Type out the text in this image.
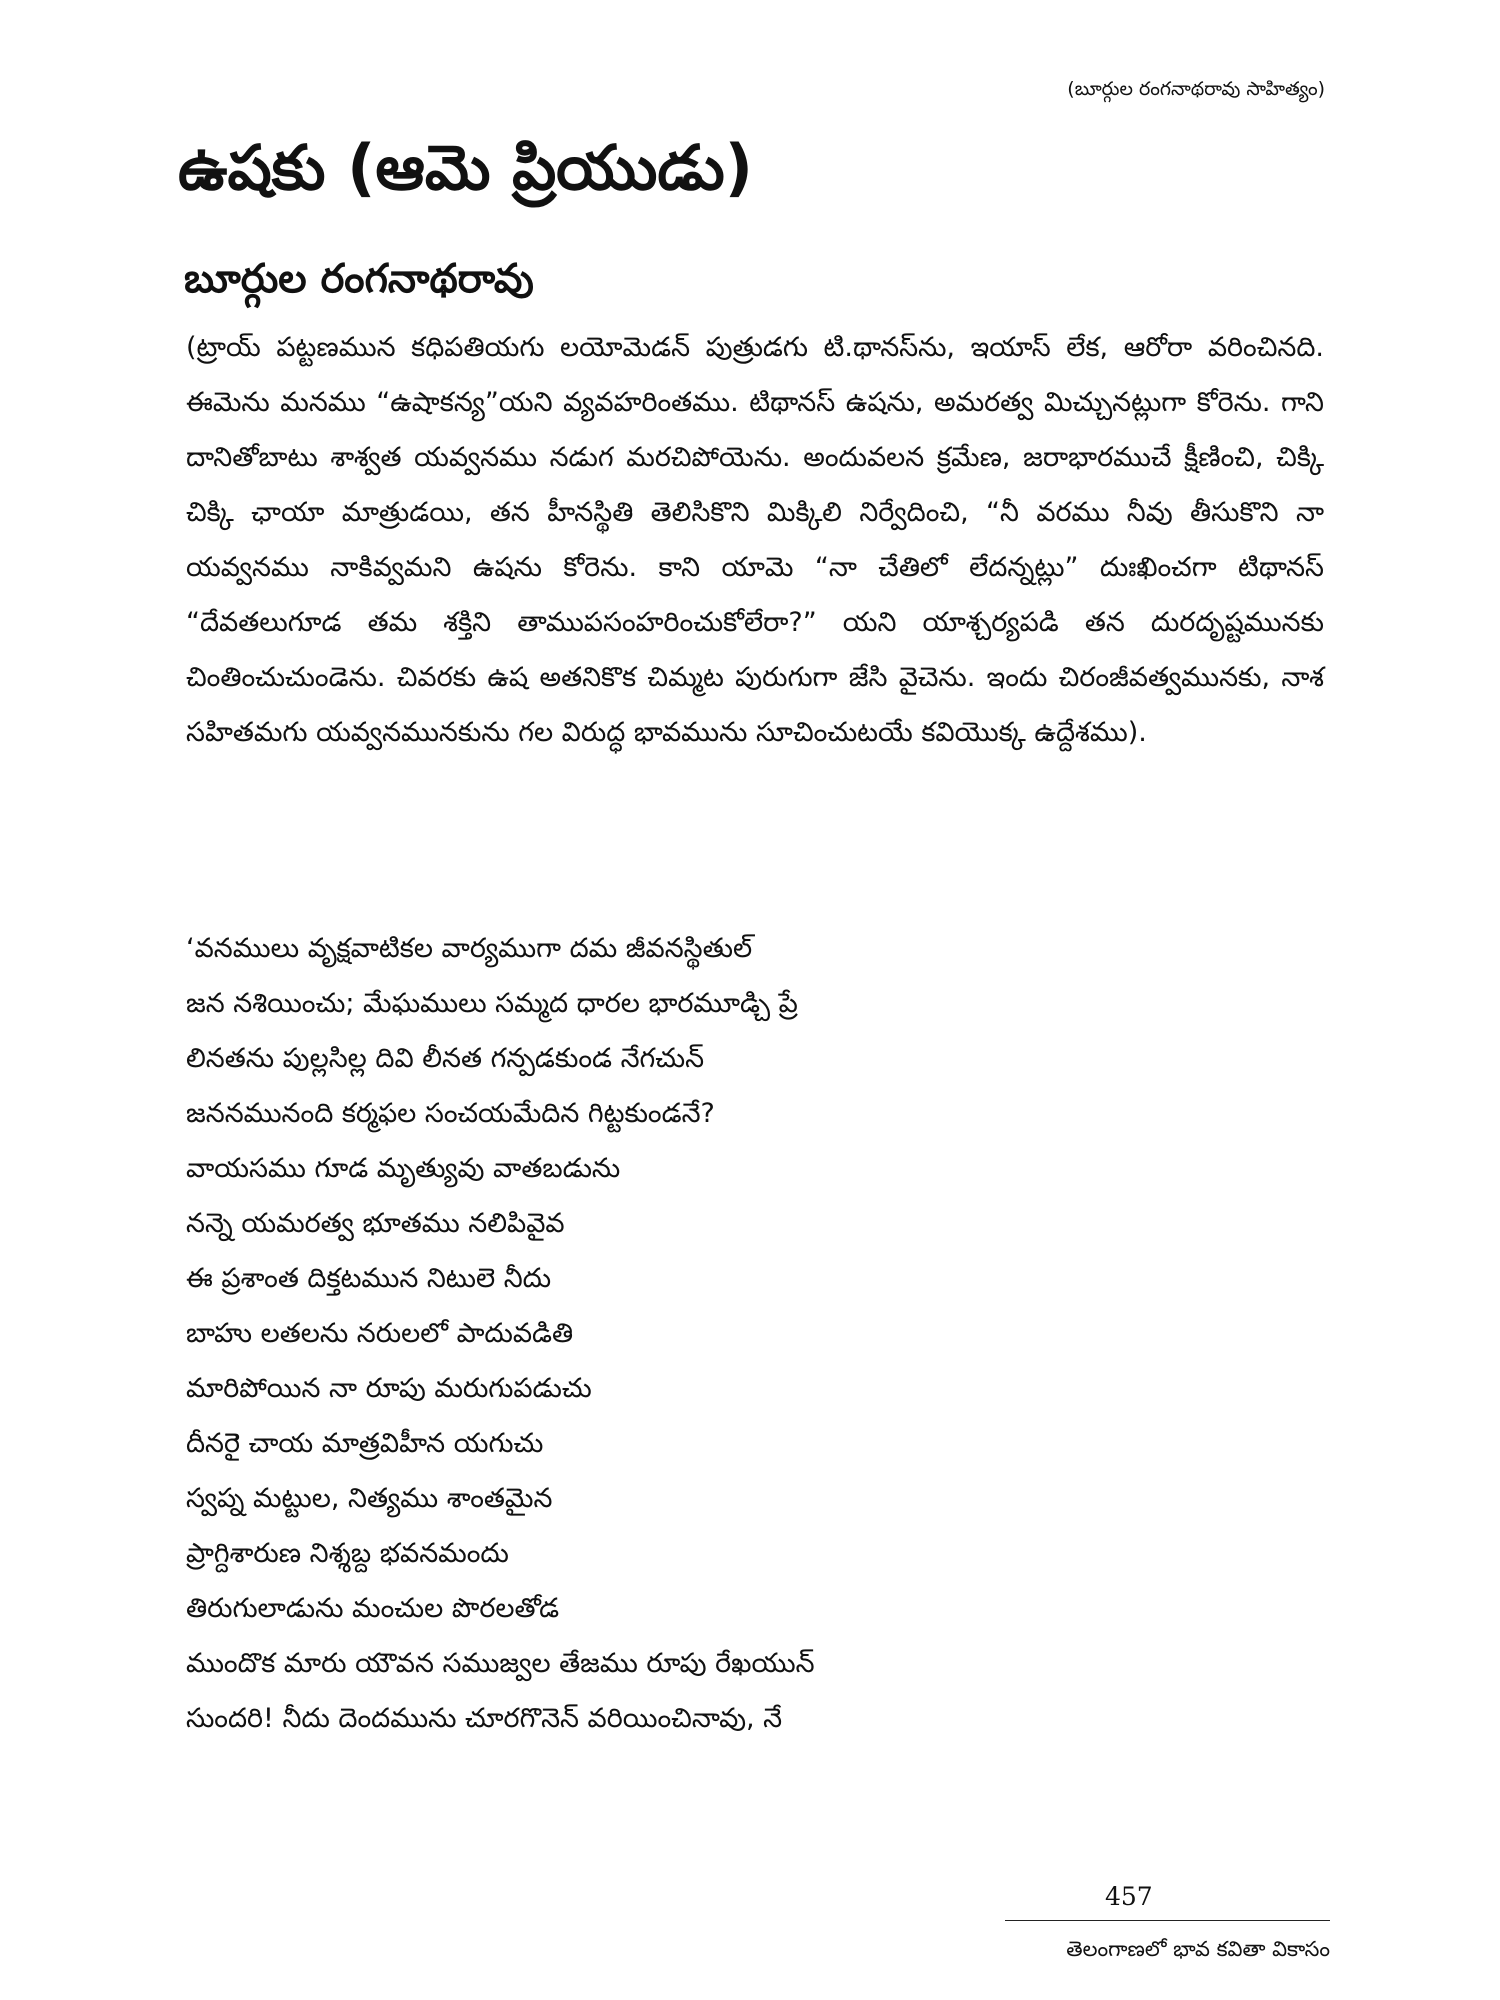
(బూర్గుల రంగనాథరావు సాహిత్యం)
ఉషకు (ఆమె ప్రియుడు)
బూర్గుల రంగనాథరావు

(ట్రాయ్ పట్టణమున కధిపతియగు లయోమెడన్ పుత్రుడగు టి.థానస్‌ను, ఇయాస్ లేక, ఆరోరా వరించినది. ఈమెను మనము “ఉషాకన్య”యని వ్యవహరింతము. టిథానస్ ఉషను, అమరత్వ మిచ్చునట్లుగా కోరెను. గాని దానితోబాటు శాశ్వత యవ్వనము నడుగ మరచిపోయెను. అందువలన క్రమేణ, జరాభారముచే క్షీణించి, చిక్కి చిక్కి ఛాయా మాత్రుడయి, తన హీనస్థితి తెలిసికొని మిక్కిలి నిర్వేదించి, “నీ వరము నీవు తీసుకొని నా యవ్వనము నాకివ్వమని ఉషను కోరెను. కాని యామె “నా చేతిలో లేదన్నట్లు” దుఃఖించగా టిథానస్ “దేవతలుగూడ తమ శక్తిని తాముపసంహరించుకోలేరా?” యని యాశ్చర్యపడి తన దురదృష్టమునకు చింతించుచుండెను. చివరకు ఉష అతనికొక చిమ్మట పురుగుగా జేసి వైచెను. ఇందు చిరంజీవత్వమునకు, నాశ సహితమగు యవ్వనమునకును గల విరుద్ధ భావమును సూచించుటయే కవియొక్క ఉద్దేశము).

‘వనములు వృక్షవాటికల వార్యముగా దమ జీవనస్థితుల్
జన నశియించు; మేఘములు సమ్మద ధారల భారమూడ్చి ప్రే
లినతను పుల్లసిల్ల దివి లీనత గన్పడకుండ నేగచున్
జననమునంది కర్మఫల సంచయమేదిన గిట్టకుండనే?
వాయసము గూడ మృత్యువు వాతబడును
నన్నె యమరత్వ భూతము నలిపివైవ
ఈ ప్రశాంత దిక్తటమున నిటులె నీదు
బాహు లతలను నరులలో పాదువడితి
మారిపోయిన నా రూపు మరుగుపడుచు
దీనరైె చాయ మాత్రవిహీన యగుచు
స్వప్న మట్టుల, నిత్యము శాంతమైన
ప్రాగ్దిశారుణ నిశ్శబ్ద భవనమందు
తిరుగులాడును మంచుల పొరలతోడ
ముందొక మారు యౌవన సముజ్వల తేజము రూపు రేఖయున్
సుందరి! నీదు దెందమును చూరగొనెన్ వరియించినావు, నే
457
తెలంగాణలో భావ కవితా వికాసం
